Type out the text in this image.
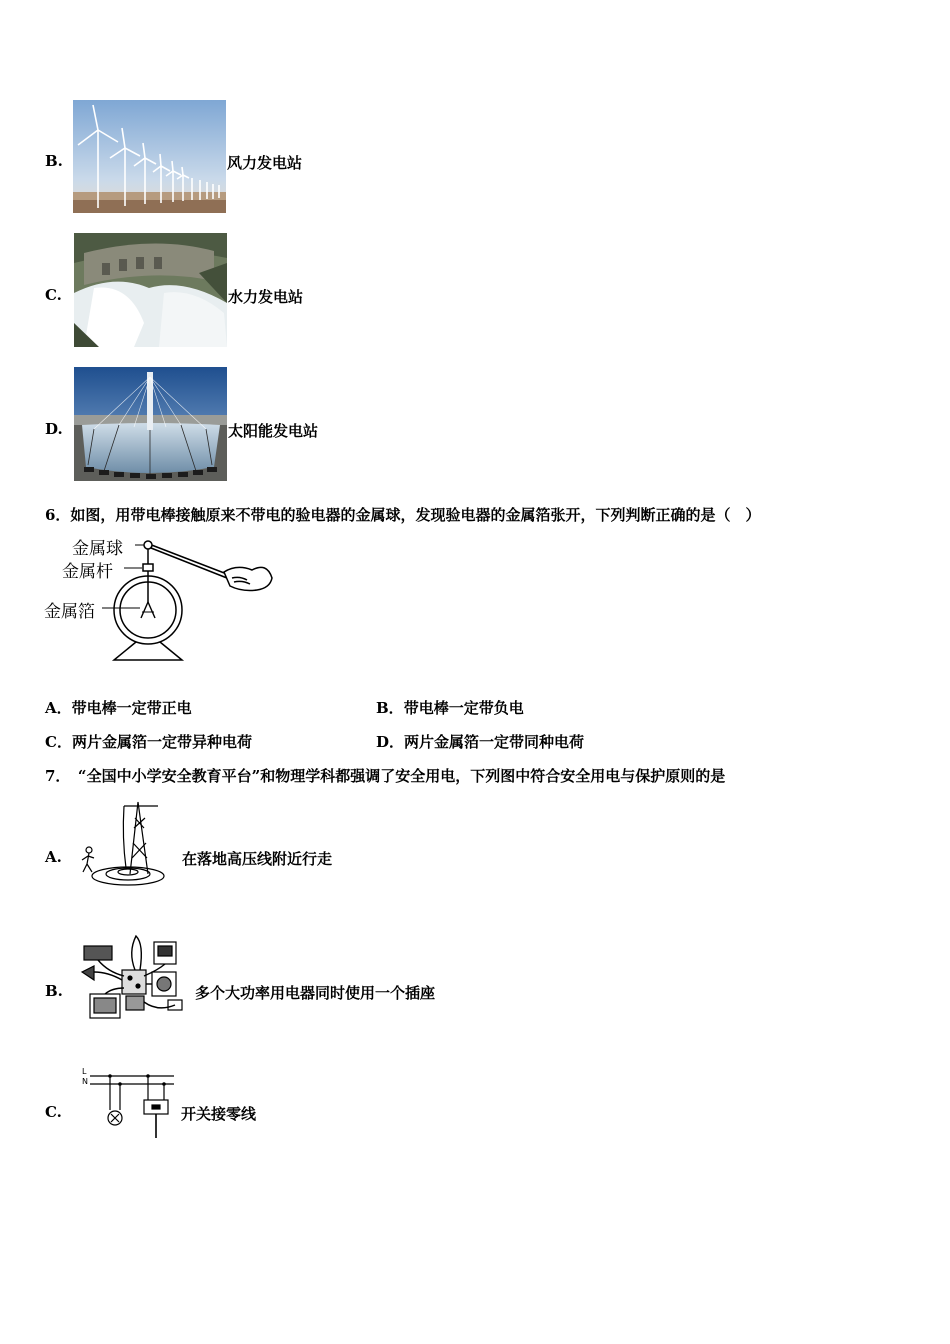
B.	风力发电站
C.	水力发电站
D.	太阳能发电站
6．如图，用带电棒接触原来不带电的验电器的金属球，发现验电器的金属箔张开，下列判断正确的是（　）
金属球
金属杆
金属箔
A．带电棒一定带正电	B．带电棒一定带负电
C．两片金属箔一定带异种电荷	D．两片金属箔一定带同种电荷
7．　“全国中小学安全教育平台”和物理学科都强调了安全用电，下列图中符合安全用电与保护原则的是
A.	在落地高压线附近行走
B.	多个大功率用电器同时使用一个插座
C.
L
N
开关接零线
